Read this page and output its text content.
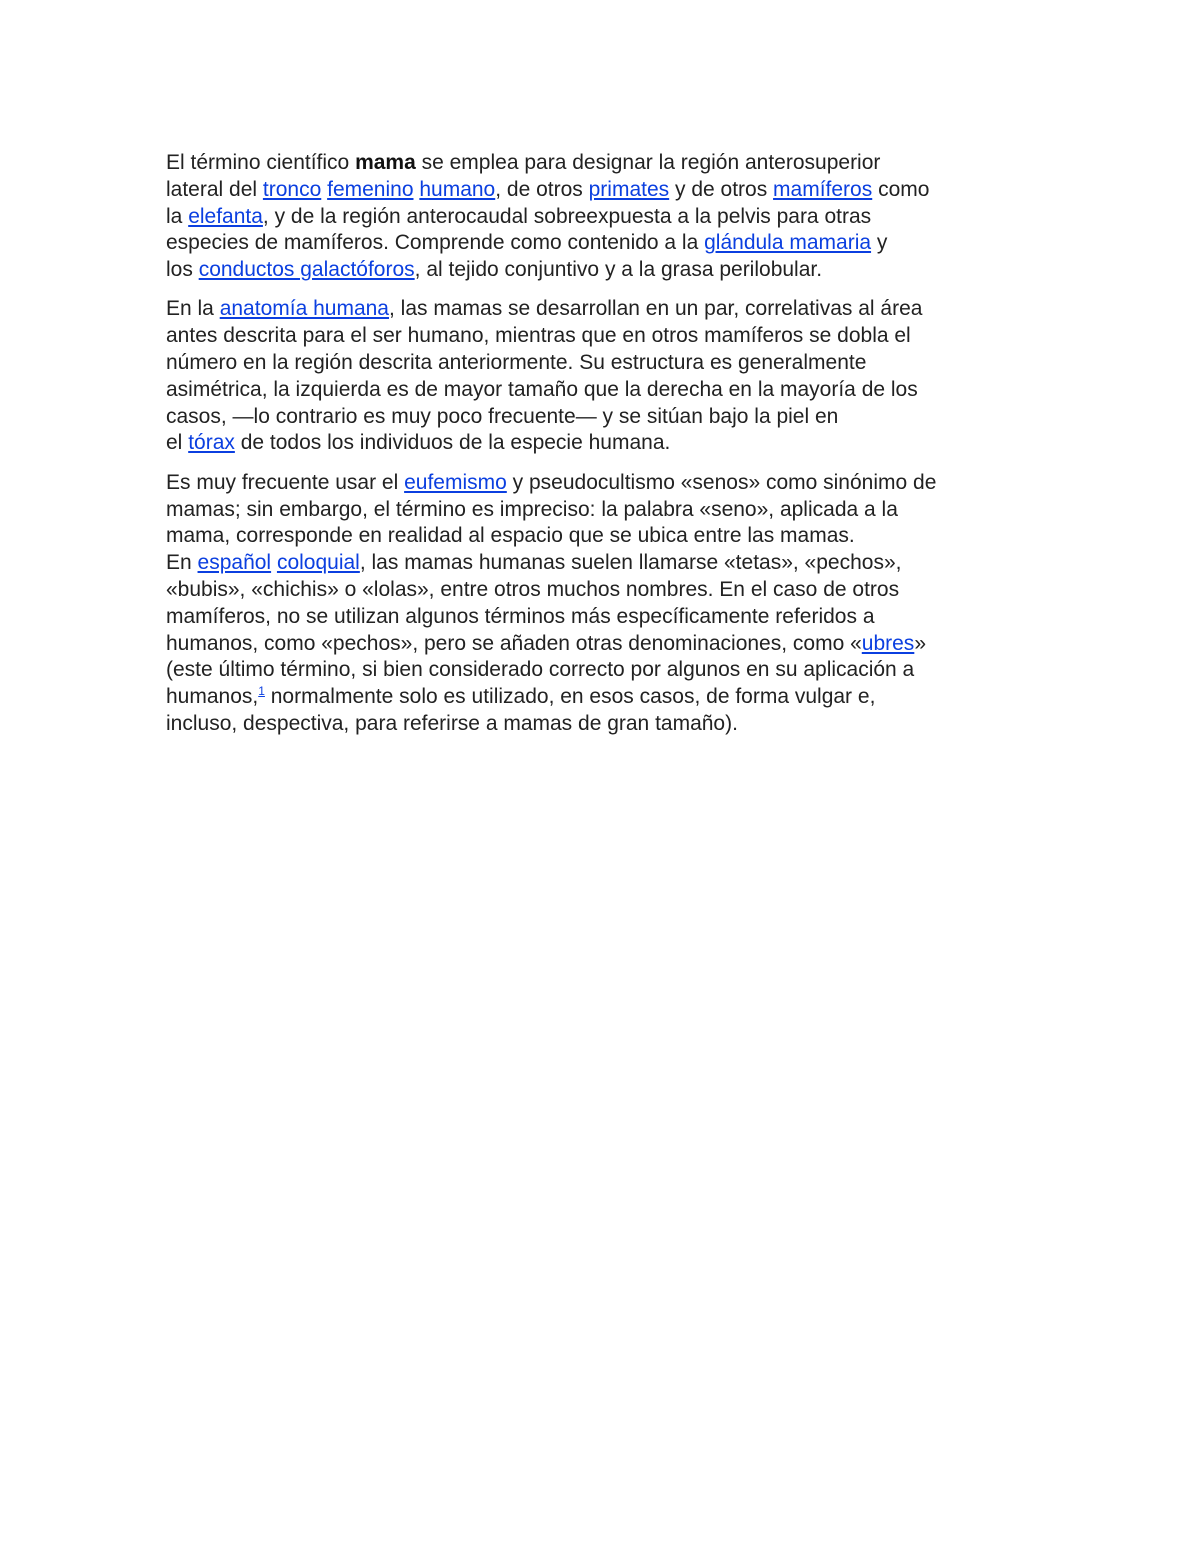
El término científico mama se emplea para designar la región anterosuperior
lateral del tronco femenino humano, de otros primates y de otros mamíferos como
la elefanta, y de la región anterocaudal sobreexpuesta a la pelvis para otras
especies de mamíferos. Comprende como contenido a la glándula mamaria y
los conductos galactóforos, al tejido conjuntivo y a la grasa perilobular.

En la anatomía humana, las mamas se desarrollan en un par, correlativas al área
antes descrita para el ser humano, mientras que en otros mamíferos se dobla el
número en la región descrita anteriormente. Su estructura es generalmente
asimétrica, la izquierda es de mayor tamaño que la derecha en la mayoría de los
casos, —lo contrario es muy poco frecuente— y se sitúan bajo la piel en
el tórax de todos los individuos de la especie humana.

Es muy frecuente usar el eufemismo y pseudocultismo «senos» como sinónimo de
mamas; sin embargo, el término es impreciso: la palabra «seno», aplicada a la
mama, corresponde en realidad al espacio que se ubica entre las mamas.
En español coloquial, las mamas humanas suelen llamarse «tetas», «pechos»,
«bubis», «chichis» o «lolas», entre otros muchos nombres. En el caso de otros
mamíferos, no se utilizan algunos términos más específicamente referidos a
humanos, como «pechos», pero se añaden otras denominaciones, como «ubres»
(este último término, si bien considerado correcto por algunos en su aplicación a
humanos,$^1$ normalmente solo es utilizado, en esos casos, de forma vulgar e,
incluso, despectiva, para referirse a mamas de gran tamaño).
